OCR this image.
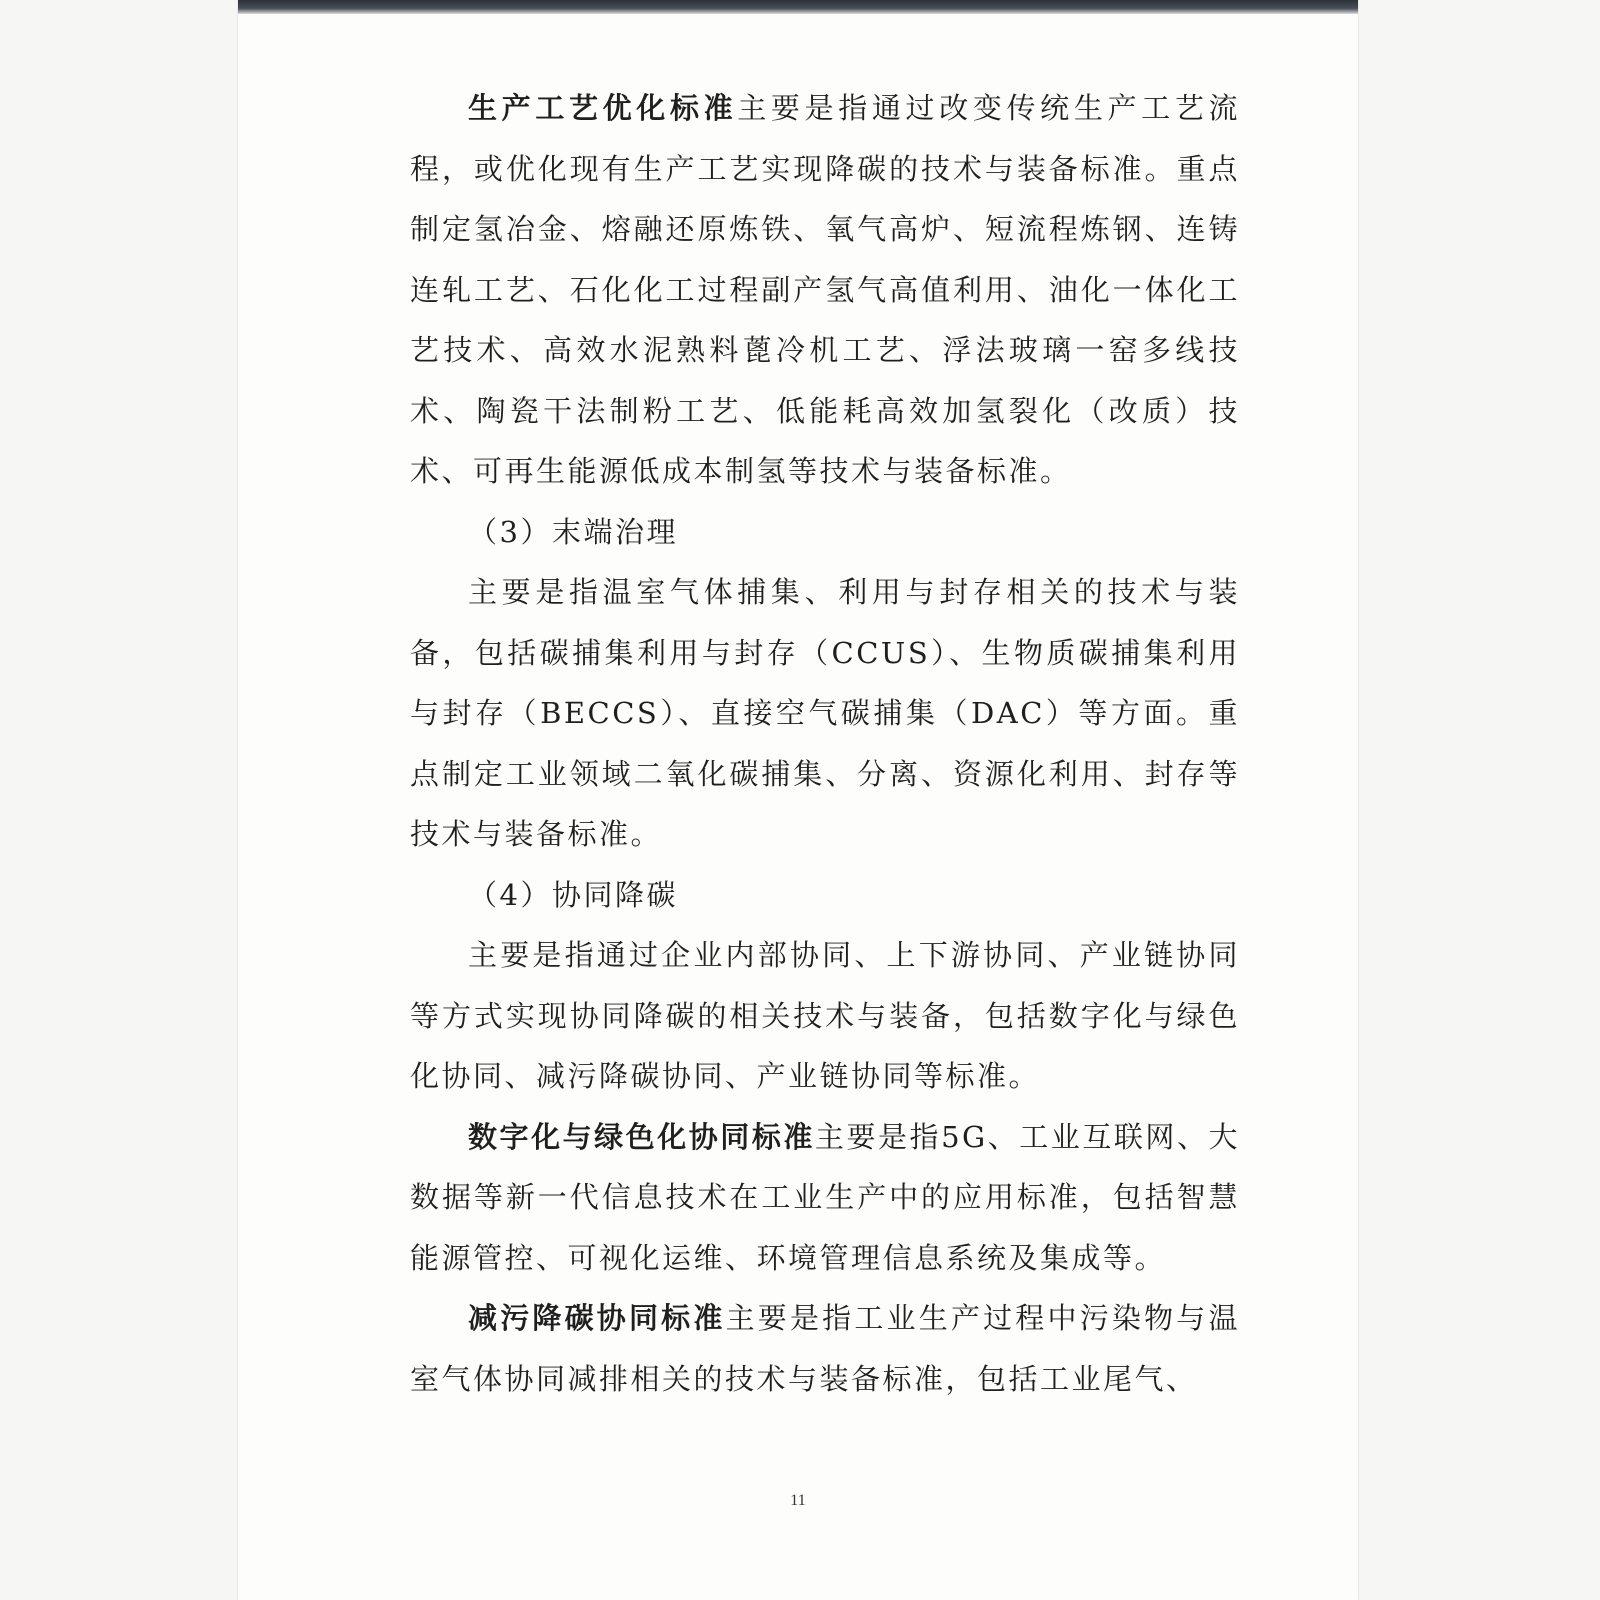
生产工艺优化标准主要是指通过改变传统生产工艺流程，或优化现有生产工艺实现降碳的技术与装备标准。重点制定氢冶金、熔融还原炼铁、氧气高炉、短流程炼钢、连铸连轧工艺、石化化工过程副产氢气高值利用、油化一体化工艺技术、高效水泥熟料蓖冷机工艺、浮法玻璃一窑多线技术、陶瓷干法制粉工艺、低能耗高效加氢裂化（改质）技术、可再生能源低成本制氢等技术与装备标准。

（3）末端治理

主要是指温室气体捕集、利用与封存相关的技术与装备，包括碳捕集利用与封存（CCUS）、生物质碳捕集利用与封存（BECCS）、直接空气碳捕集（DAC）等方面。重点制定工业领域二氧化碳捕集、分离、资源化利用、封存等技术与装备标准。

（4）协同降碳

主要是指通过企业内部协同、上下游协同、产业链协同等方式实现协同降碳的相关技术与装备，包括数字化与绿色化协同、减污降碳协同、产业链协同等标准。

数字化与绿色化协同标准主要是指5G、工业互联网、大数据等新一代信息技术在工业生产中的应用标准，包括智慧能源管控、可视化运维、环境管理信息系统及集成等。

减污降碳协同标准主要是指工业生产过程中污染物与温室气体协同减排相关的技术与装备标准，包括工业尾气、

11
